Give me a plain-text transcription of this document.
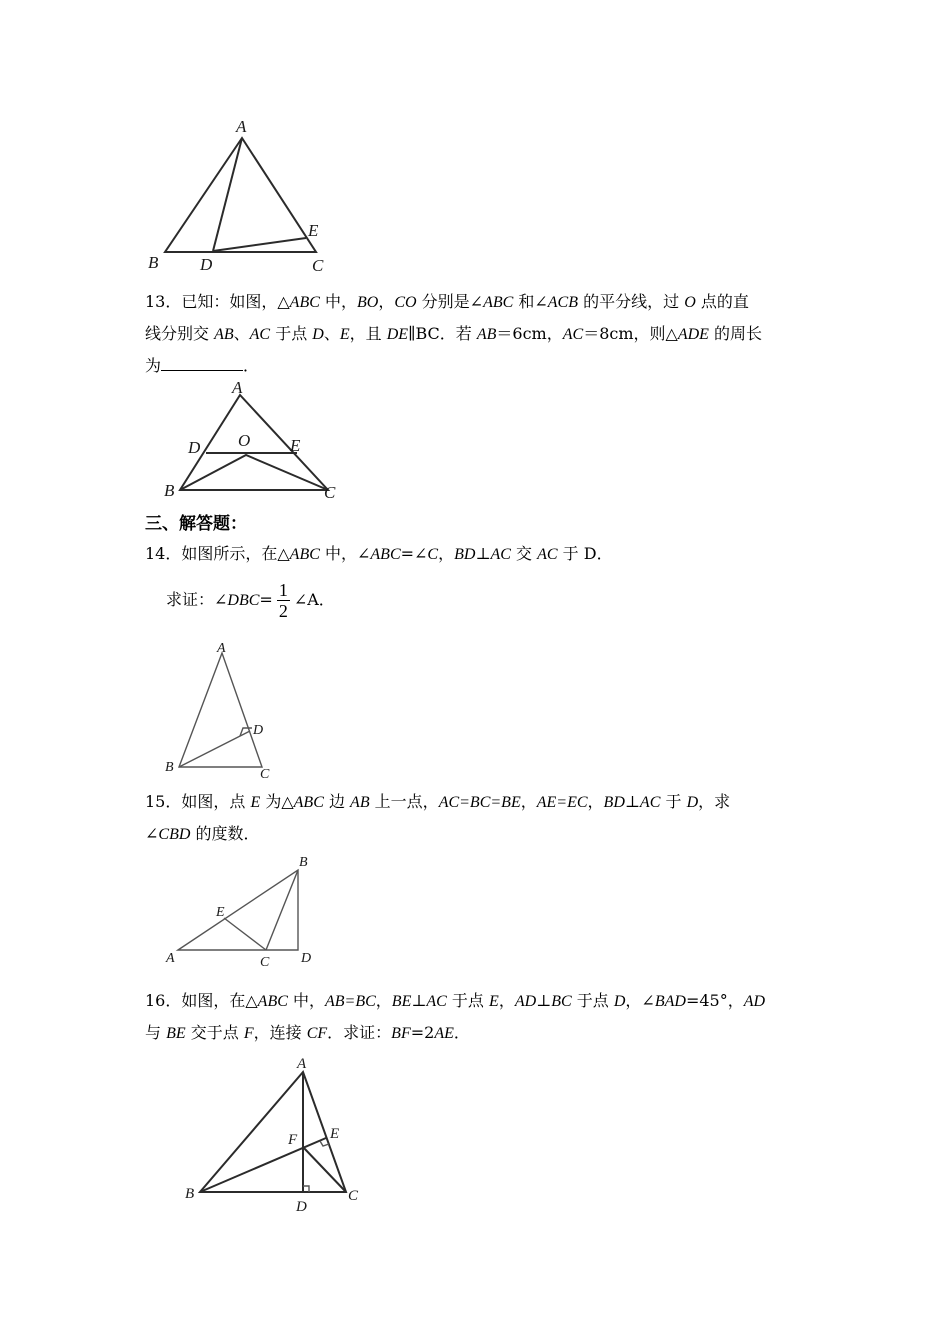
A
B	C
D
E
13．已知：如图，△ABC 中，BO，CO 分别是∠ABC 和∠ACB 的平分线，过 O 点的直
线分别交 AB、AC 于点 D、E，且 DE∥BC．若 AB＝6cm，AC＝8cm，则△ADE 的周长
为	．
A
B	C
D	E
O
三、解答题：
14．如图所示，在△ABC 中，∠ABC=∠C，BD⊥AC 交 AC 于 D．
求证：∠DBC= $\frac{1}{2}$ ∠A．
A
B	C
D
15．如图，点 E 为△ABC 边 AB 上一点，AC=BC=BE，AE=EC，BD⊥AC 于 D，求
∠CBD 的度数．
A
B
C D
E
16．如图，在△ABC 中，AB=BC，BE⊥AC 于点 E，AD⊥BC 于点 D，∠BAD=45°，AD
与 BE 交于点 F，连接 CF．求证：BF=2AE．
A
B	C
D
E
F
